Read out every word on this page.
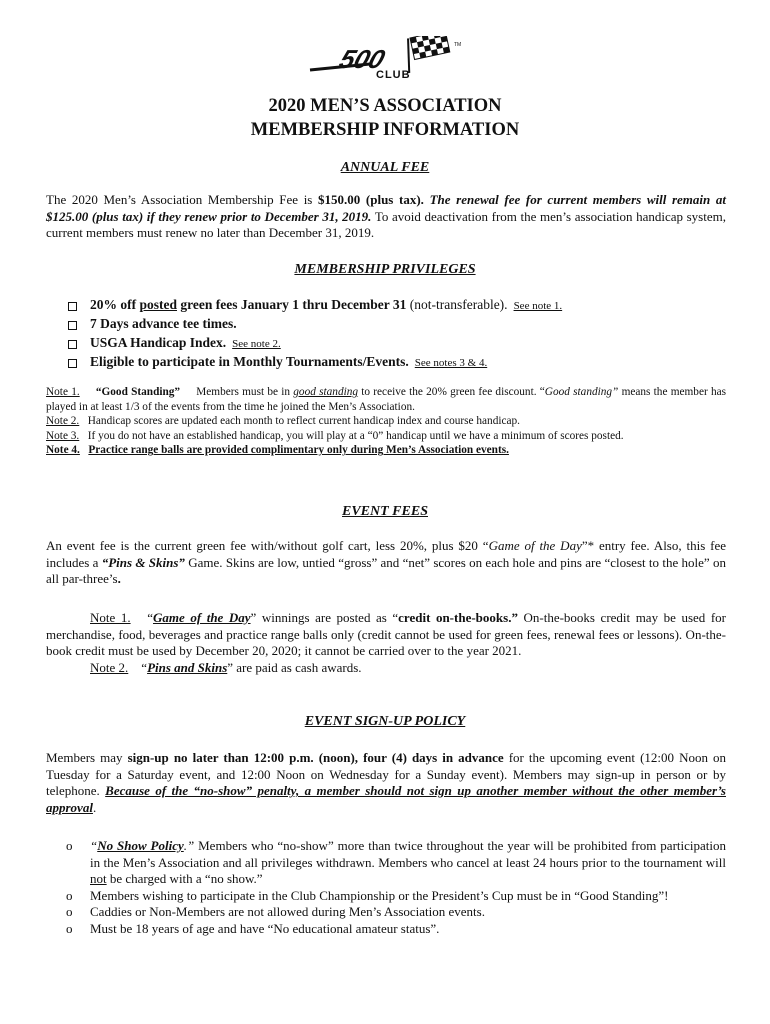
500	TM
CLUB
2020 MEN’S ASSOCIATION
MEMBERSHIP INFORMATION
ANNUAL FEE

The 2020 Men’s Association Membership Fee is $150.00 (plus tax). The renewal fee for current members will remain at $125.00 (plus tax) if they renew prior to December 31, 2019. To avoid deactivation from the men’s association handicap system, current members must renew no later than December 31, 2019.

MEMBERSHIP PRIVILEGES
20% off posted green fees January 1 thru December 31 (not-transferable). See note 1.
7 Days advance tee times.
USGA Handicap Index. See note 2.
Eligible to participate in Monthly Tournaments/Events. See notes 3 & 4.

Note 1. “Good Standing” Members must be in good standing to receive the 20% green fee discount. “Good standing” means the member has played in at least 1/3 of the events from the time he joined the Men’s Association.

Note 2. Handicap scores are updated each month to reflect current handicap index and course handicap.

Note 3. If you do not have an established handicap, you will play at a “0” handicap until we have a minimum of scores posted.

Note 4. Practice range balls are provided complimentary only during Men’s Association events.

EVENT FEES

An event fee is the current green fee with/without golf cart, less 20%, plus $20 “Game of the Day”* entry fee. Also, this fee includes a “Pins & Skins” Game. Skins are low, untied “gross” and “net” scores on each hole and pins are “closest to the hole” on all par-three’s.

Note 1.   “Game of the Day” winnings are posted as “credit on-the-books.” On-the-books credit may be used for merchandise, food, beverages and practice range balls only (credit cannot be used for green fees, renewal fees or lessons). On-the-book credit must be used by December 20, 2020; it cannot be carried over to the year 2021.

Note 2.    “Pins and Skins” are paid as cash awards.

EVENT SIGN-UP POLICY

Members may sign-up no later than 12:00 p.m. (noon), four (4) days in advance for the upcoming event (12:00 Noon on Tuesday for a Saturday event, and 12:00 Noon on Wednesday for a Sunday event). Members may sign-up in person or by telephone. Because of the “no-show” penalty, a member should not sign up another member without the other member’s approval.

o “No Show Policy.” Members who “no-show” more than twice throughout the year will be prohibited from participation in the Men’s Association and all privileges withdrawn. Members who cancel at least 24 hours prior to the tournament will not be charged with a “no show.”
o Members wishing to participate in the Club Championship or the President’s Cup must be in “Good Standing”!
o Caddies or Non-Members are not allowed during Men’s Association events.
o Must be 18 years of age and have “No educational amateur status”.
